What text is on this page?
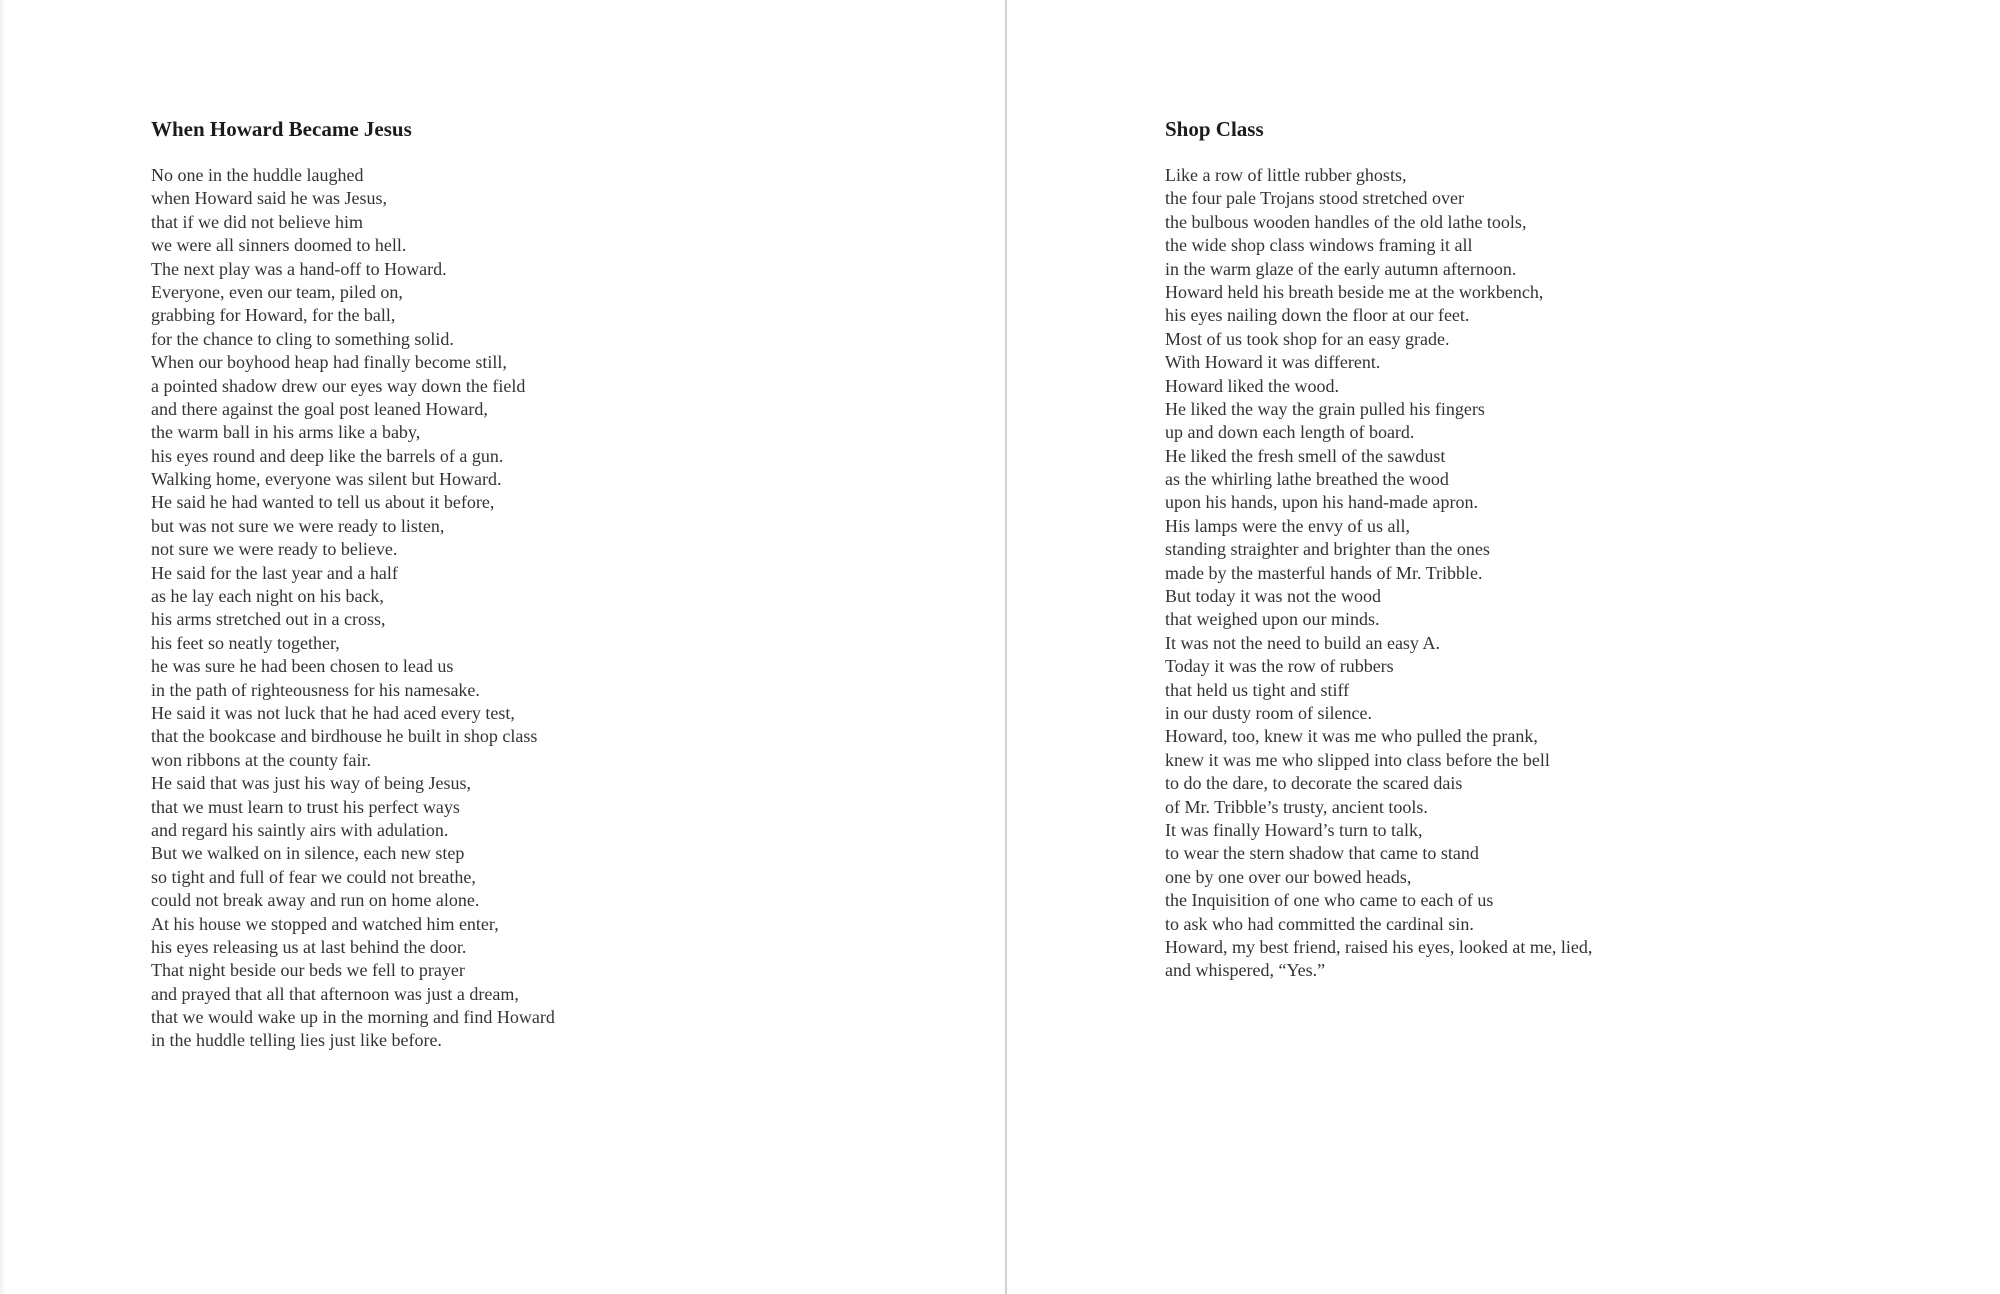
When Howard Became Jesus
No one in the huddle laughed
when Howard said he was Jesus,
that if we did not believe him
we were all sinners doomed to hell.
The next play was a hand-off to Howard.
Everyone, even our team, piled on,
grabbing for Howard, for the ball,
for the chance to cling to something solid.
When our boyhood heap had finally become still,
a pointed shadow drew our eyes way down the field
and there against the goal post leaned Howard,
the warm ball in his arms like a baby,
his eyes round and deep like the barrels of a gun.
Walking home, everyone was silent but Howard.
He said he had wanted to tell us about it before,
but was not sure we were ready to listen,
not sure we were ready to believe.
He said for the last year and a half
as he lay each night on his back,
his arms stretched out in a cross,
his feet so neatly together,
he was sure he had been chosen to lead us
in the path of righteousness for his namesake.
He said it was not luck that he had aced every test,
that the bookcase and birdhouse he built in shop class
won ribbons at the county fair.
He said that was just his way of being Jesus,
that we must learn to trust his perfect ways
and regard his saintly airs with adulation.
But we walked on in silence, each new step
so tight and full of fear we could not breathe,
could not break away and run on home alone.
At his house we stopped and watched him enter,
his eyes releasing us at last behind the door.
That night beside our beds we fell to prayer
and prayed that all that afternoon was just a dream,
that we would wake up in the morning and find Howard
in the huddle telling lies just like before.
Shop Class
Like a row of little rubber ghosts,
the four pale Trojans stood stretched over
the bulbous wooden handles of the old lathe tools,
the wide shop class windows framing it all
in the warm glaze of the early autumn afternoon.
Howard held his breath beside me at the workbench,
his eyes nailing down the floor at our feet.
Most of us took shop for an easy grade.
With Howard it was different.
Howard liked the wood.
He liked the way the grain pulled his fingers
up and down each length of board.
He liked the fresh smell of the sawdust
as the whirling lathe breathed the wood
upon his hands, upon his hand-made apron.
His lamps were the envy of us all,
standing straighter and brighter than the ones
made by the masterful hands of Mr. Tribble.
But today it was not the wood
that weighed upon our minds.
It was not the need to build an easy A.
Today it was the row of rubbers
that held us tight and stiff
in our dusty room of silence.
Howard, too, knew it was me who pulled the prank,
knew it was me who slipped into class before the bell
to do the dare, to decorate the scared dais
of Mr. Tribble’s trusty, ancient tools.
It was finally Howard’s turn to talk,
to wear the stern shadow that came to stand
one by one over our bowed heads,
the Inquisition of one who came to each of us
to ask who had committed the cardinal sin.
Howard, my best friend, raised his eyes, looked at me, lied,
and whispered, “Yes.”
